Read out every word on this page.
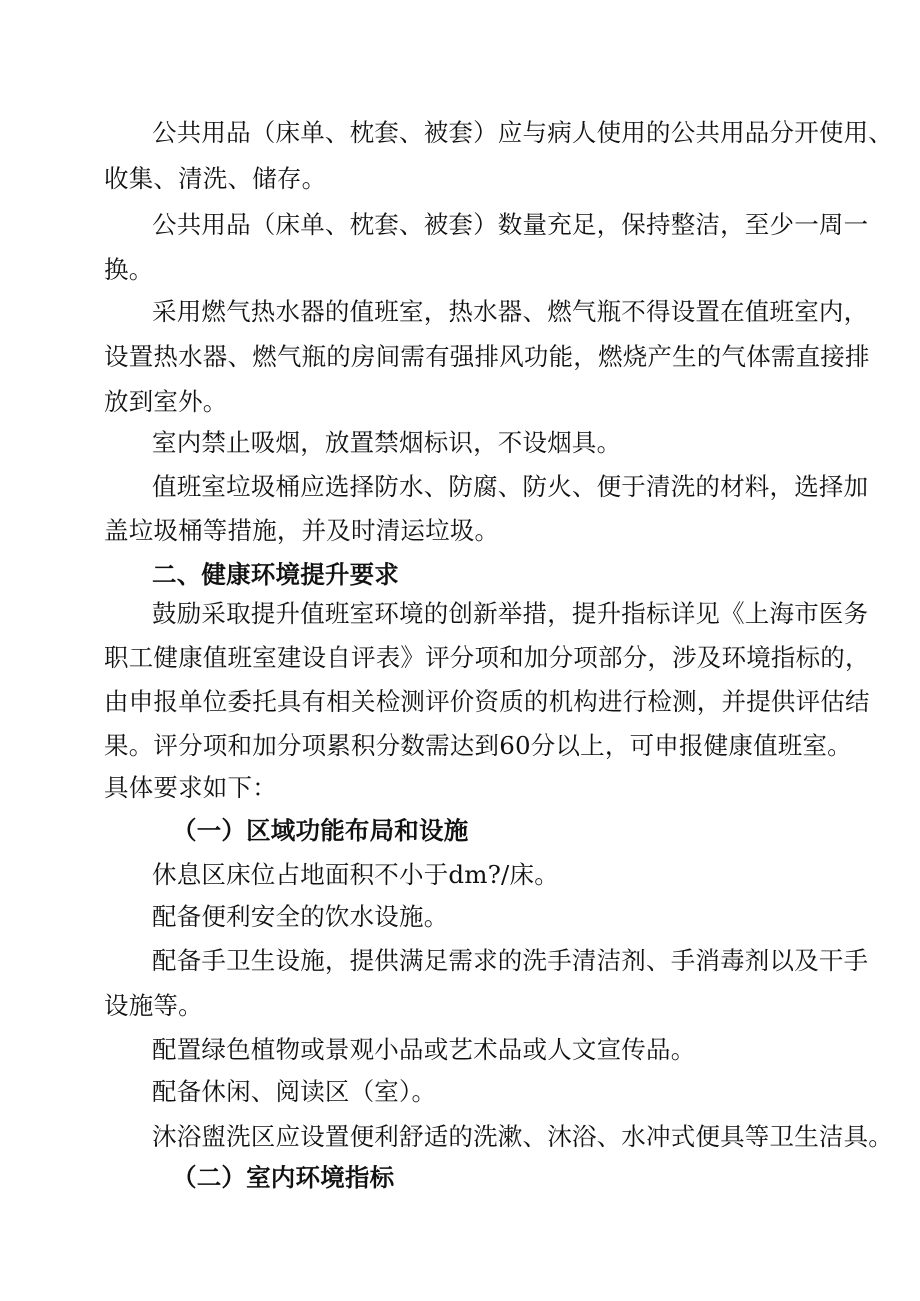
公共用品（床单、枕套、被套）应与病人使用的公共用品分开使用、
收集、清洗、储存。
公共用品（床单、枕套、被套）数量充足，保持整洁，至少一周一
换。
采用燃气热水器的值班室，热水器、燃气瓶不得设置在值班室内，
设置热水器、燃气瓶的房间需有强排风功能，燃烧产生的气体需直接排
放到室外。
室内禁止吸烟，放置禁烟标识，不设烟具。
值班室垃圾桶应选择防水、防腐、防火、便于清洗的材料，选择加
盖垃圾桶等措施，并及时清运垃圾。
二、健康环境提升要求
鼓励采取提升值班室环境的创新举措，提升指标详见《上海市医务
职工健康值班室建设自评表》评分项和加分项部分，涉及环境指标的，
由申报单位委托具有相关检测评价资质的机构进行检测，并提供评估结
果。评分项和加分项累积分数需达到60分以上，可申报健康值班室。
具体要求如下：
（一）区域功能布局和设施
休息区床位占地面积不小于dm?/床。
配备便利安全的饮水设施。
配备手卫生设施，提供满足需求的洗手清洁剂、手消毒剂以及干手
设施等。
配置绿色植物或景观小品或艺术品或人文宣传品。
配备休闲、阅读区（室）。
沐浴盥洗区应设置便利舒适的洗漱、沐浴、水冲式便具等卫生洁具。
（二）室内环境指标
